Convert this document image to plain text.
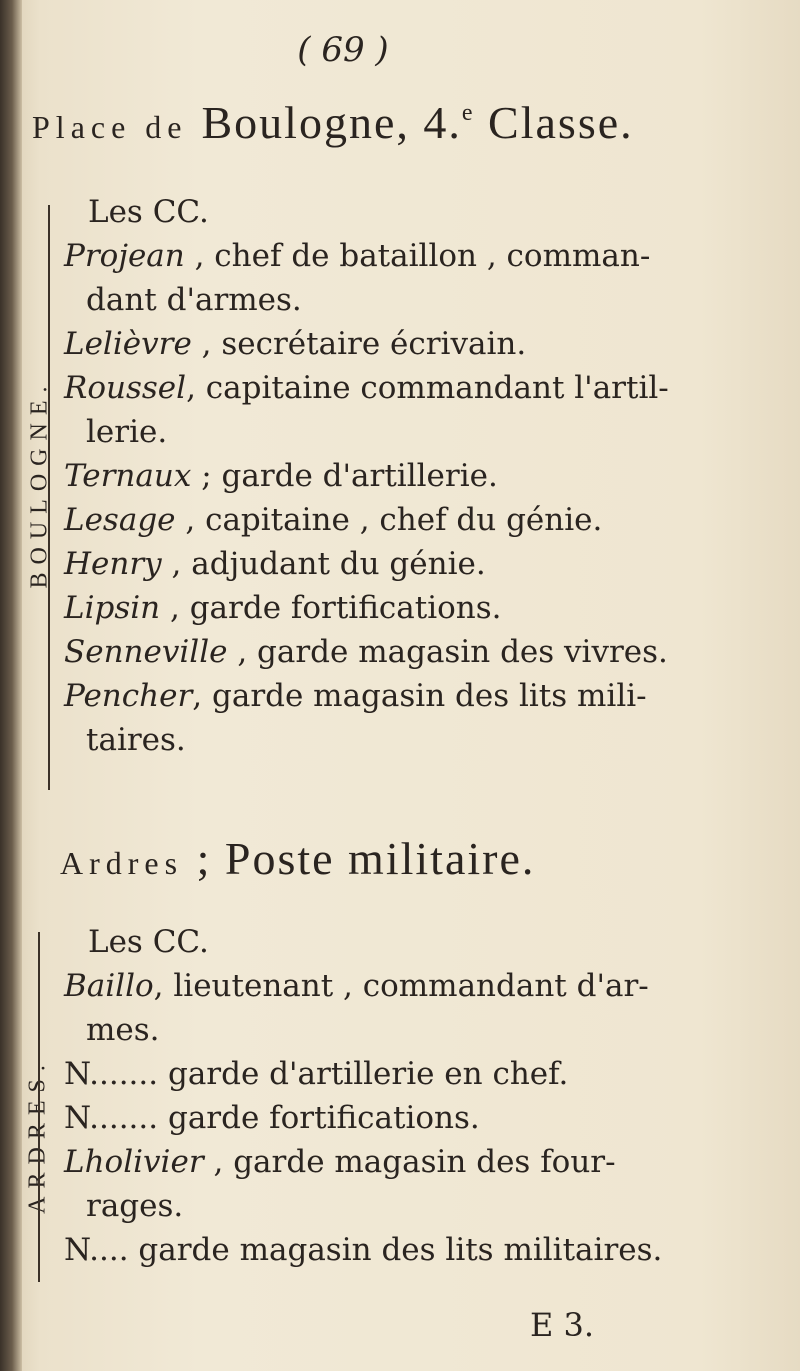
( 69 )
Place de Boulogne, 4.$^e$ Classe.
BOULOGNE.
Les CC.
Projean , chef de bataillon , comman-
dant d'armes.
Lelièvre , secrétaire écrivain.
Roussel, capitaine commandant l'artil-
lerie.
Ternaux ; garde d'artillerie.
Lesage , capitaine , chef du génie.
Henry , adjudant du génie.
Lipsin , garde fortifications.
Senneville , garde magasin des vivres.
Pencher, garde magasin des lits mili-
taires.
Ardres ; Poste militaire.
ARDRES.
Les CC.
Baillo, lieutenant , commandant d'ar-
mes.
N....... garde d'artillerie en chef.
N....... garde fortifications.
Lholivier , garde magasin des four-
rages.
N.... garde magasin des lits militaires.
E 3.
